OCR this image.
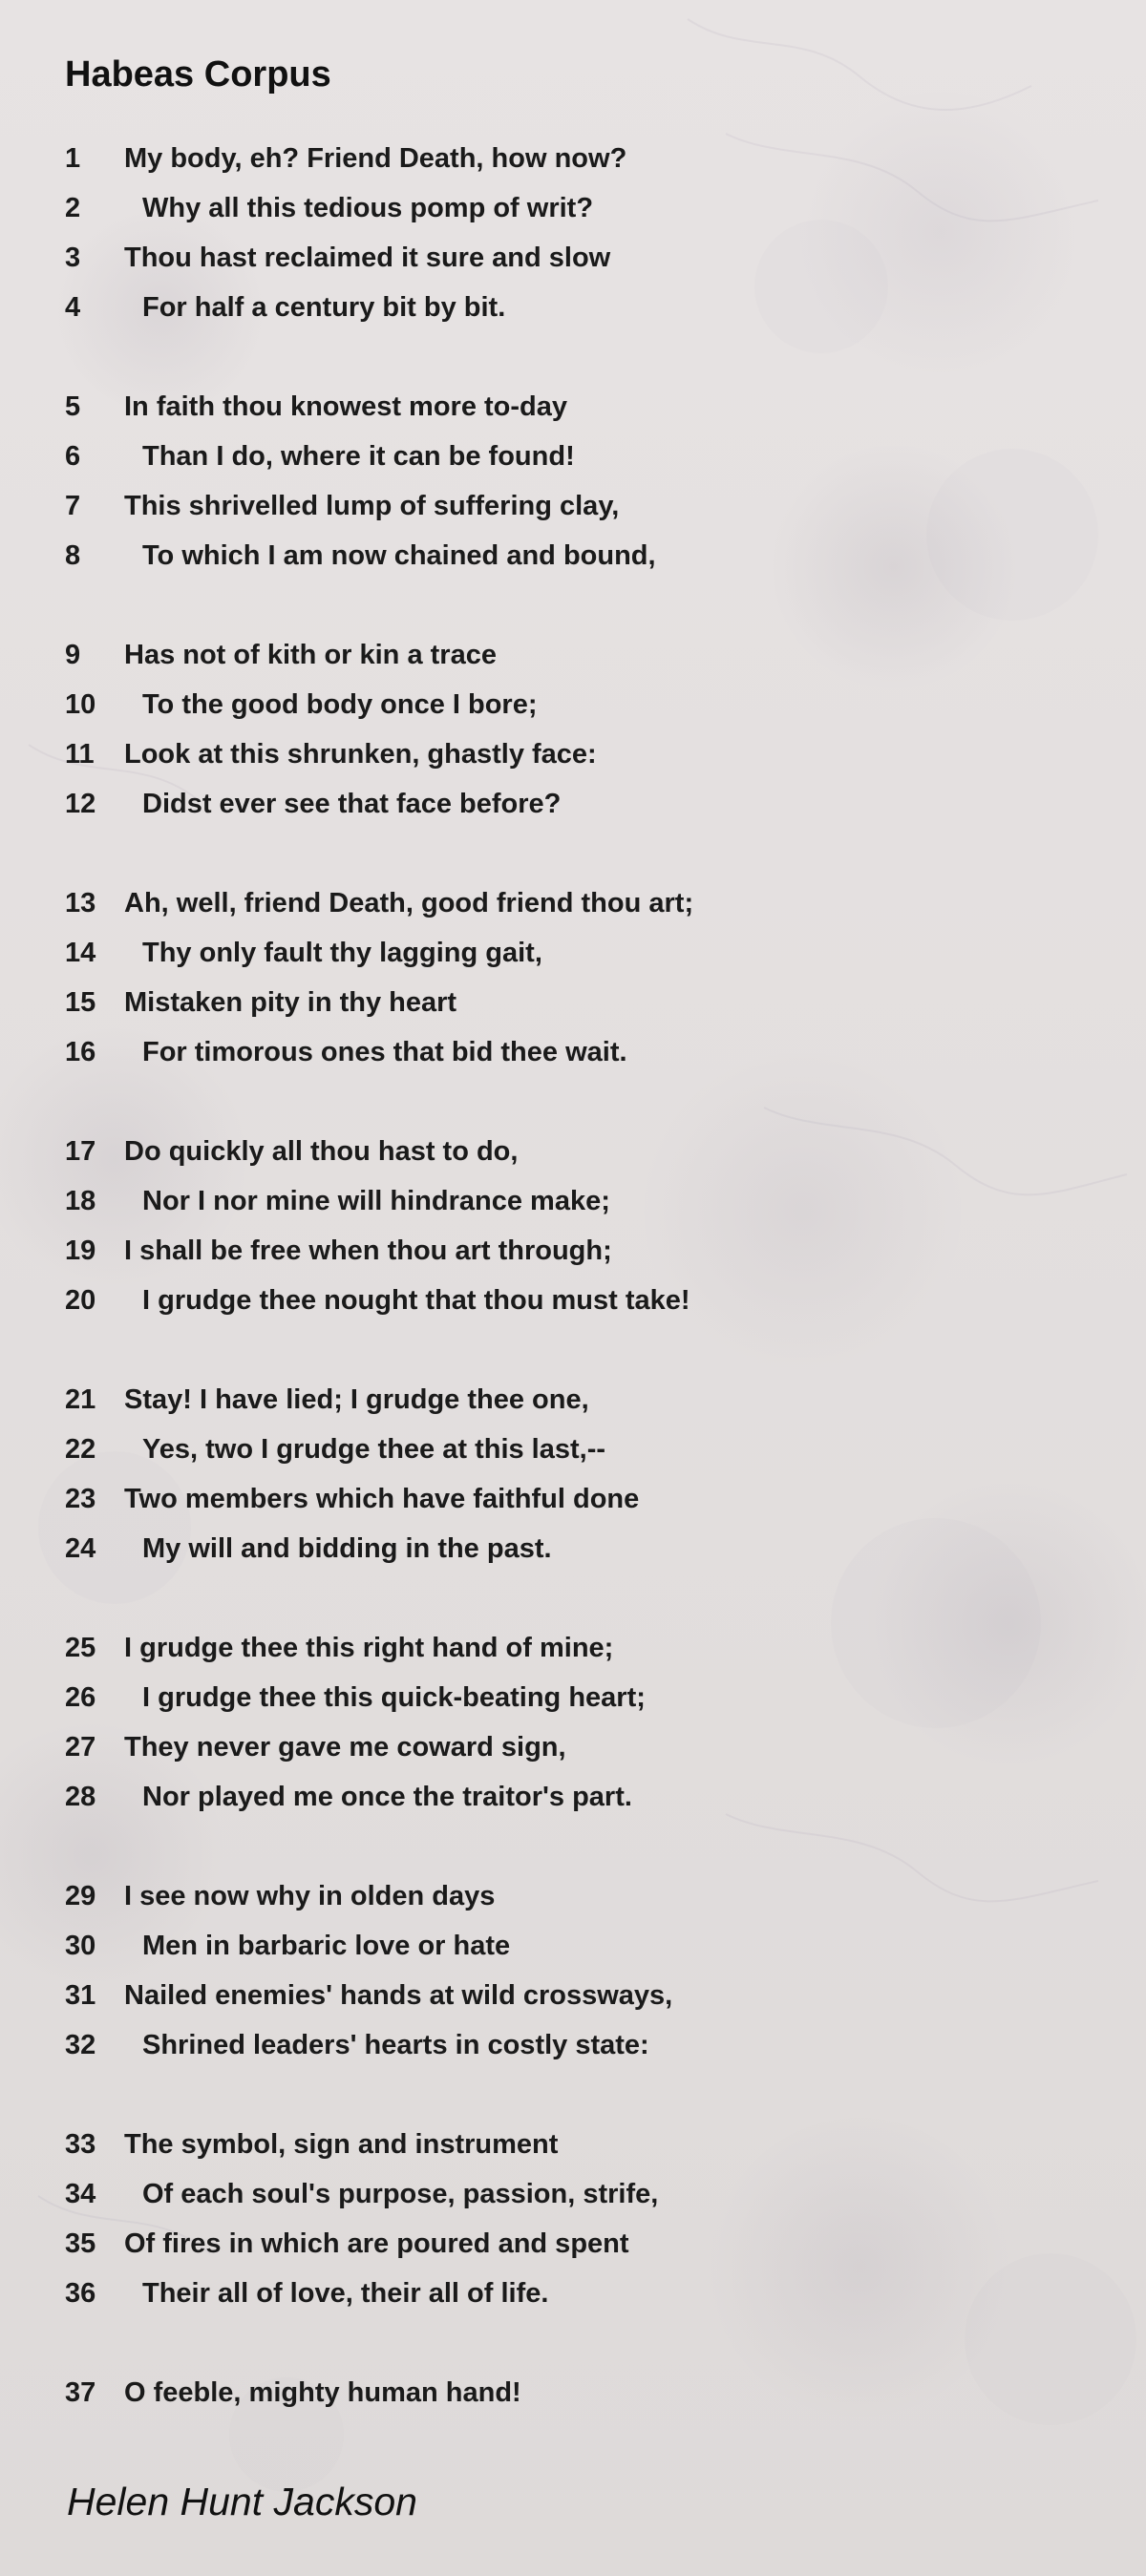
Habeas Corpus
1	My body, eh? Friend Death, how now?
2	Why all this tedious pomp of writ?
3	Thou hast reclaimed it sure and slow
4	For half a century bit by bit.
5	In faith thou knowest more to-day
6	Than I do, where it can be found!
7	This shrivelled lump of suffering clay,
8	To which I am now chained and bound,
9	Has not of kith or kin a trace
10	To the good body once I bore;
11	Look at this shrunken, ghastly face:
12	Didst ever see that face before?
13	Ah, well, friend Death, good friend thou art;
14	Thy only fault thy lagging gait,
15	Mistaken pity in thy heart
16	For timorous ones that bid thee wait.
17	Do quickly all thou hast to do,
18	Nor I nor mine will hindrance make;
19	I shall be free when thou art through;
20	I grudge thee nought that thou must take!
21	Stay! I have lied; I grudge thee one,
22	Yes, two I grudge thee at this last,--
23	Two members which have faithful done
24	My will and bidding in the past.
25	I grudge thee this right hand of mine;
26	I grudge thee this quick-beating heart;
27	They never gave me coward sign,
28	Nor played me once the traitor's part.
29	I see now why in olden days
30	Men in barbaric love or hate
31	Nailed enemies' hands at wild crossways,
32	Shrined leaders' hearts in costly state:
33	The symbol, sign and instrument
34	Of each soul's purpose, passion, strife,
35	Of fires in which are poured and spent
36	Their all of love, their all of life.
37	O feeble, mighty human hand!
Helen Hunt Jackson
